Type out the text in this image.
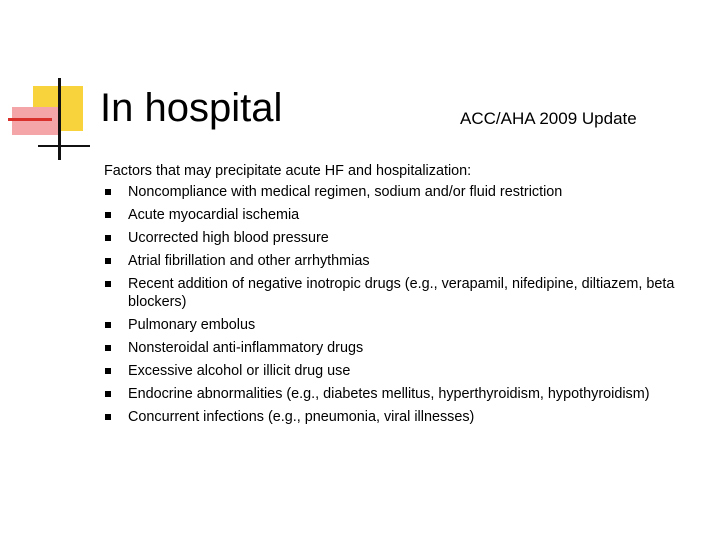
In hospital	ACC/AHA 2009 Update

Factors that may precipitate acute HF and hospitalization:

Noncompliance with medical regimen, sodium and/or fluid restriction
Acute myocardial ischemia
Ucorrected high blood pressure
Atrial fibrillation and other arrhythmias
Recent addition of negative inotropic drugs (e.g., verapamil, nifedipine, diltiazem, beta blockers)
Pulmonary embolus
Nonsteroidal anti-inflammatory drugs
Excessive alcohol or illicit drug use
Endocrine abnormalities (e.g., diabetes mellitus, hyperthyroidism, hypothyroidism)
Concurrent infections (e.g., pneumonia, viral illnesses)
